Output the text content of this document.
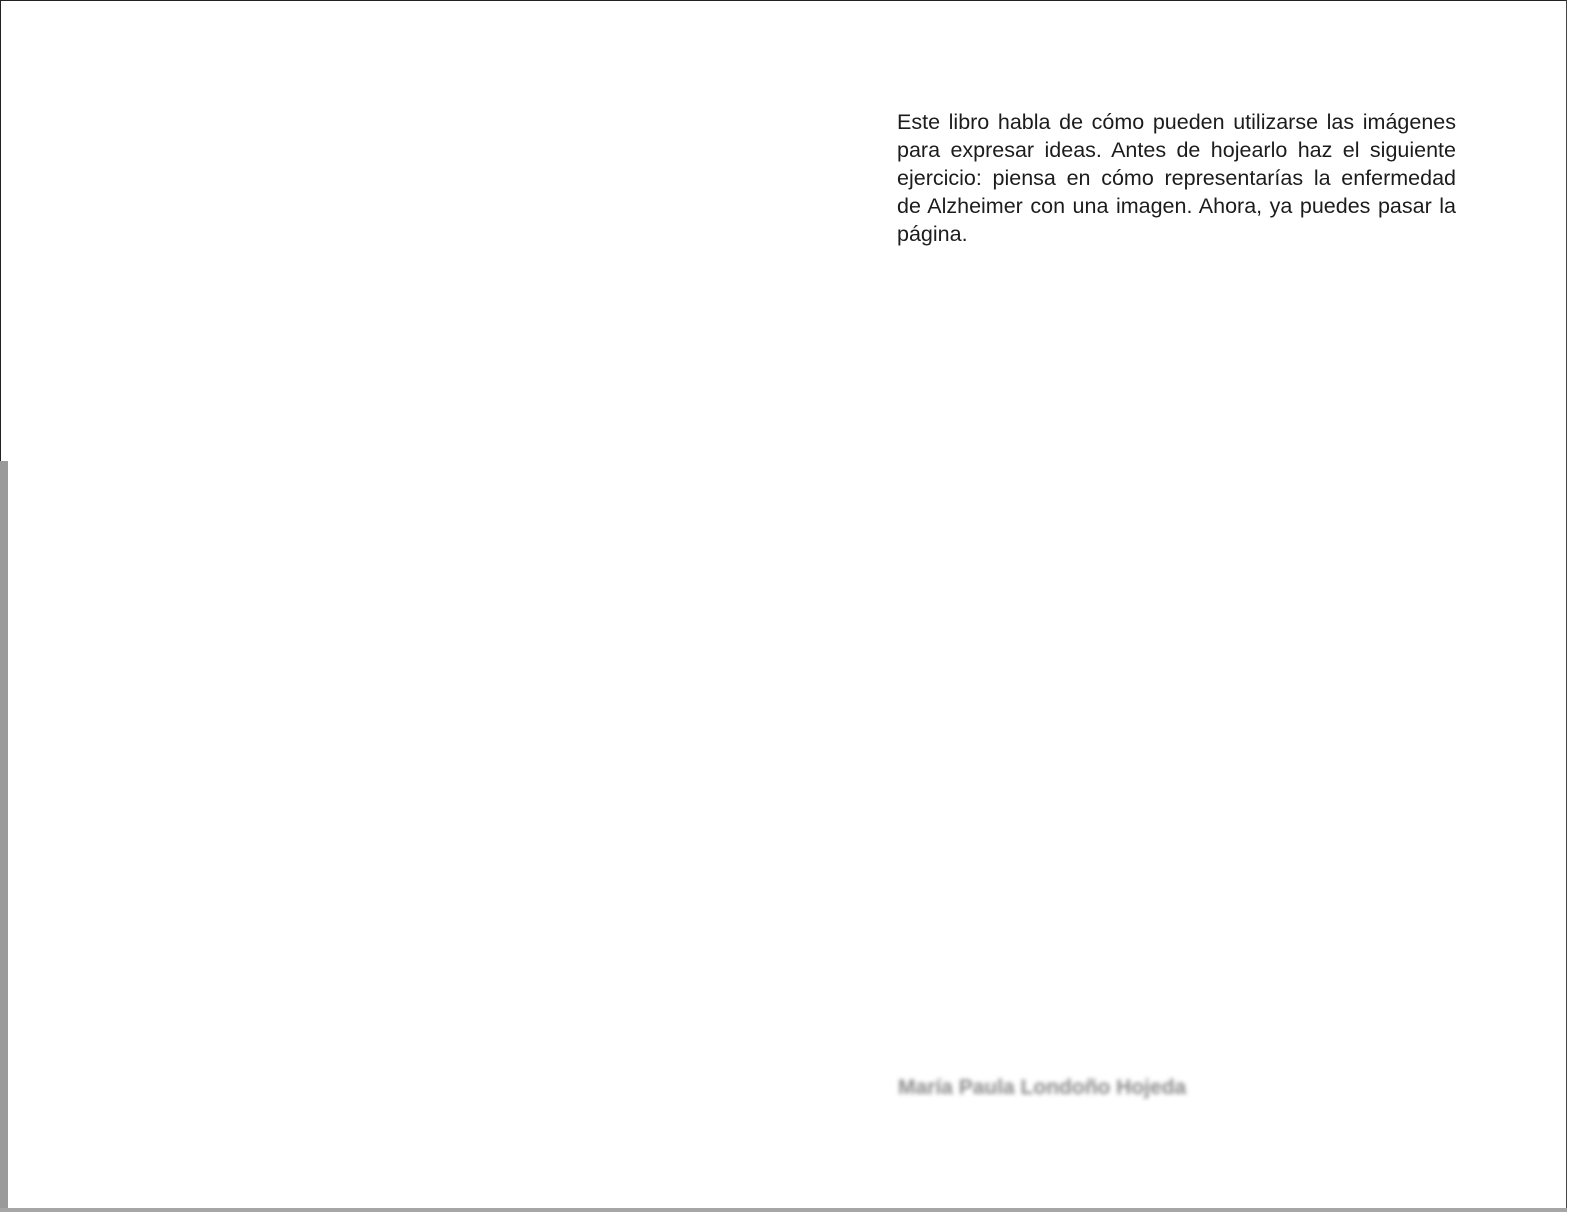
Este libro habla de cómo pueden utilizarse las imágenes para expresar ideas. Antes de hojearlo haz el siguiente ejercicio: piensa en cómo representarías la enfermedad de Alzheimer con una imagen. Ahora, ya puedes pasar la página.

María Paula Londoño Hojeda
